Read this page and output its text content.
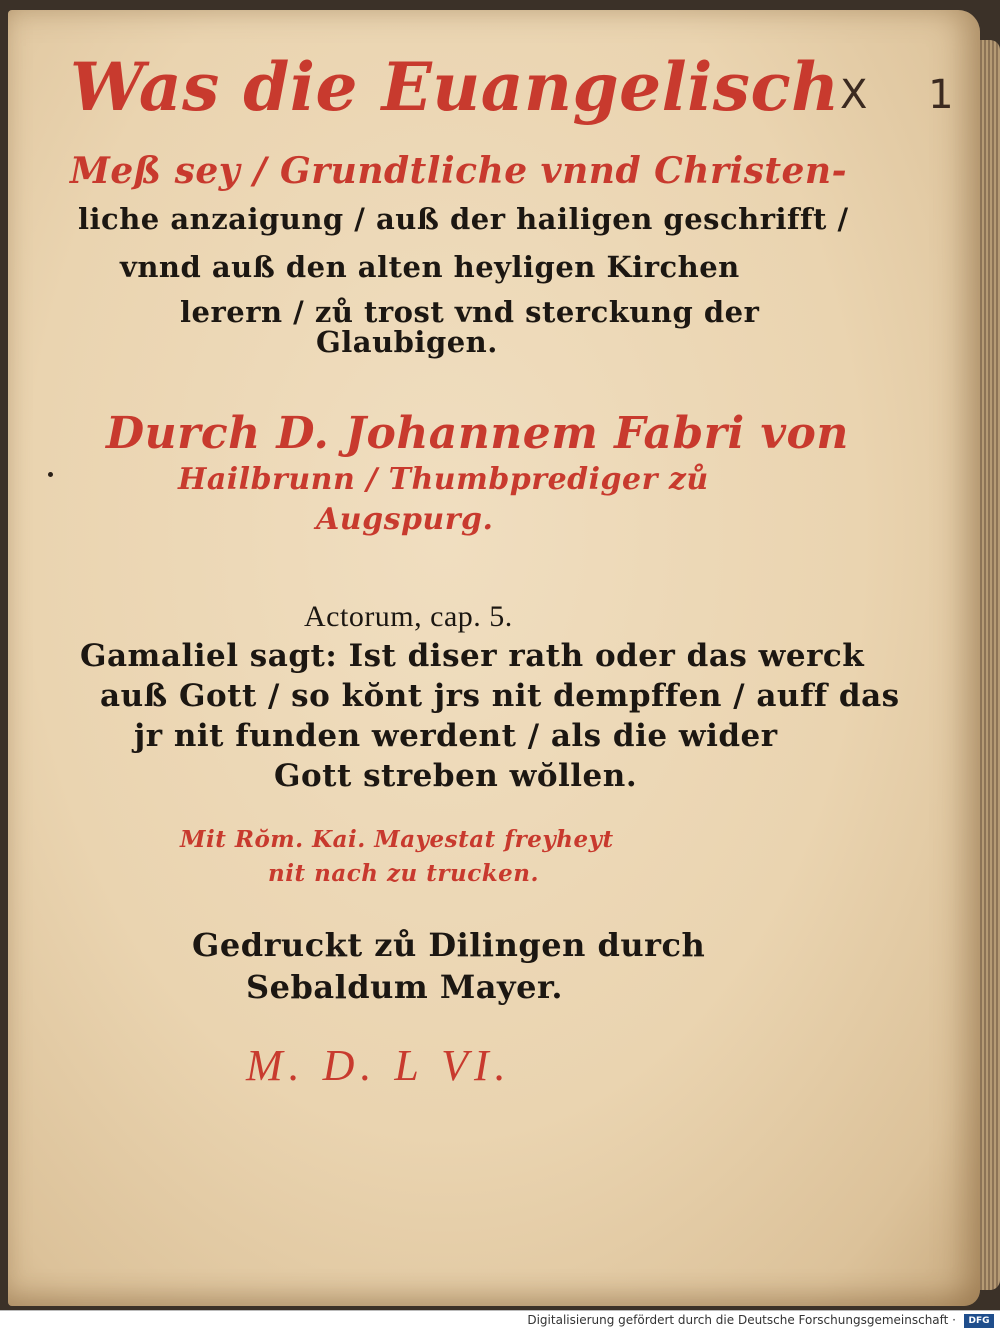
X 1

Was die Euangelisch

Meß sey / Grundtliche vnnd Christen-

liche anzaigung / auß der hailigen geschrifft /

vnnd auß den alten heyligen Kirchen

lerern / zů trost vnd sterckung der

Glaubigen.

Durch D. Johannem Fabri von

Hailbrunn / Thumbprediger zů

Augspurg.

Actorum, cap. 5.

Gamaliel sagt: Ist diser rath oder das werck

auß Gott / so kŏnt jrs nit dempffen / auff das

jr nit funden werdent / als die wider

Gott streben wŏllen.

Mit Rŏm. Kai. Mayestat freyheyt

nit nach zu trucken.

Gedruckt zů Dilingen durch

Sebaldum Mayer.

M. D. L VI.

Digitalisierung gefördert durch die Deutsche Forschungsgemeinschaft ·	DFG
